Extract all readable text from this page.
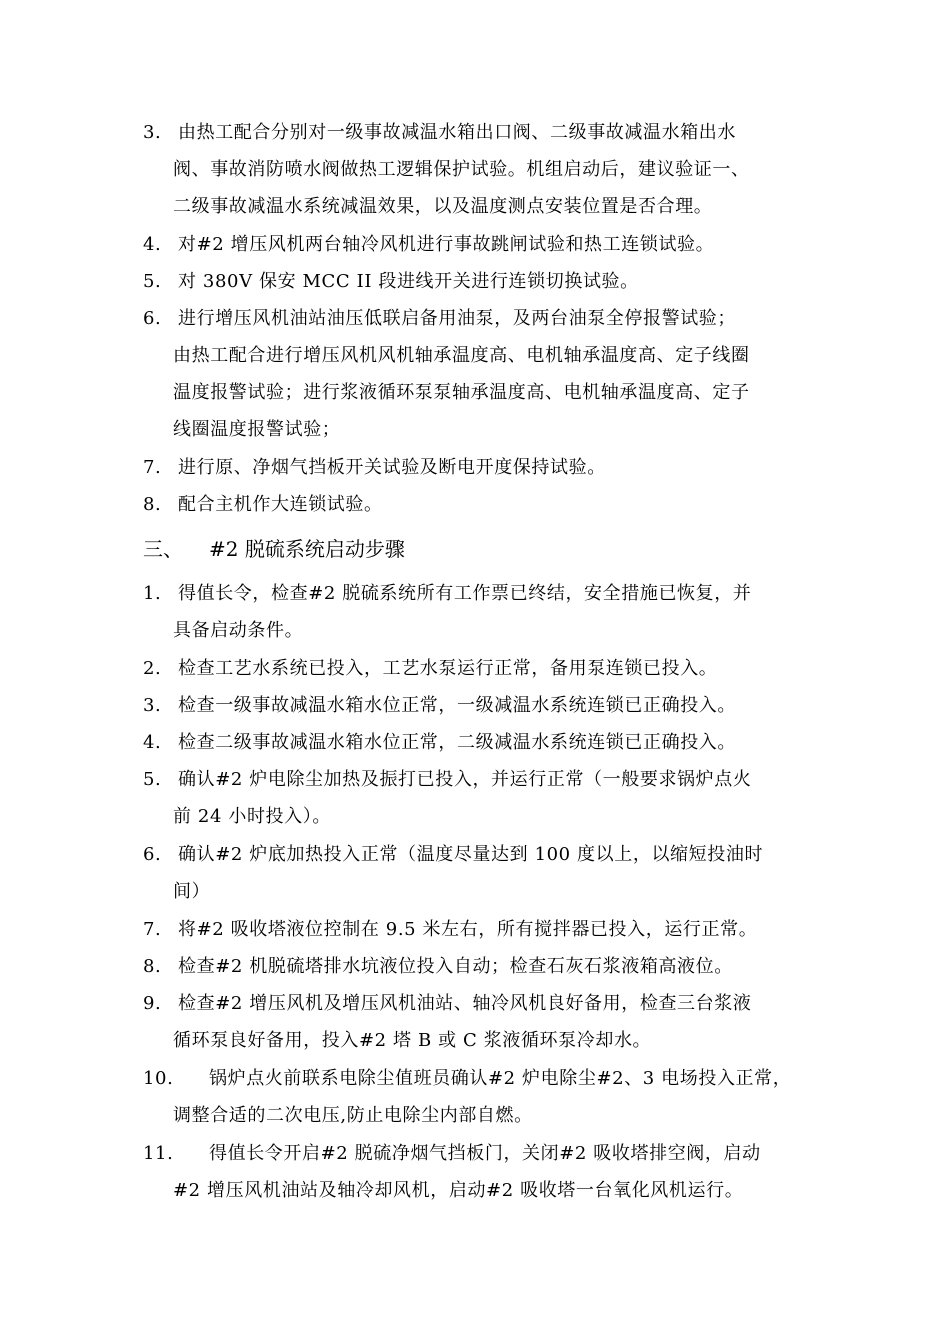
3. 由热工配合分别对一级事故减温水箱出口阀、二级事故减温水箱出水
阀、事故消防喷水阀做热工逻辑保护试验。机组启动后，建议验证一、
二级事故减温水系统减温效果，以及温度测点安装位置是否合理。
4. 对#2 增压风机两台轴冷风机进行事故跳闸试验和热工连锁试验。
5. 对 380V 保安 MCC II 段进线开关进行连锁切换试验。
6. 进行增压风机油站油压低联启备用油泵，及两台油泵全停报警试验；
由热工配合进行增压风机风机轴承温度高、电机轴承温度高、定子线圈
温度报警试验；进行浆液循环泵泵轴承温度高、电机轴承温度高、定子
线圈温度报警试验；
7. 进行原、净烟气挡板开关试验及断电开度保持试验。
8. 配合主机作大连锁试验。
三、 #2 脱硫系统启动步骤
1. 得值长令，检查#2 脱硫系统所有工作票已终结，安全措施已恢复，并
具备启动条件。
2. 检查工艺水系统已投入，工艺水泵运行正常，备用泵连锁已投入。
3. 检查一级事故减温水箱水位正常，一级减温水系统连锁已正确投入。
4. 检查二级事故减温水箱水位正常，二级减温水系统连锁已正确投入。
5. 确认#2 炉电除尘加热及振打已投入，并运行正常（一般要求锅炉点火
前 24 小时投入）。
6. 确认#2 炉底加热投入正常（温度尽量达到 100 度以上，以缩短投油时
间）
7. 将#2 吸收塔液位控制在 9.5 米左右，所有搅拌器已投入，运行正常。
8. 检查#2 机脱硫塔排水坑液位投入自动；检查石灰石浆液箱高液位。
9. 检查#2 增压风机及增压风机油站、轴冷风机良好备用，检查三台浆液
循环泵良好备用，投入#2 塔 B 或 C 浆液循环泵冷却水。
10.	锅炉点火前联系电除尘值班员确认#2 炉电除尘#2、3 电场投入正常，
调整合适的二次电压,防止电除尘内部自燃。
11.	得值长令开启#2 脱硫净烟气挡板门，关闭#2 吸收塔排空阀，启动
#2 增压风机油站及轴冷却风机，启动#2 吸收塔一台氧化风机运行。
